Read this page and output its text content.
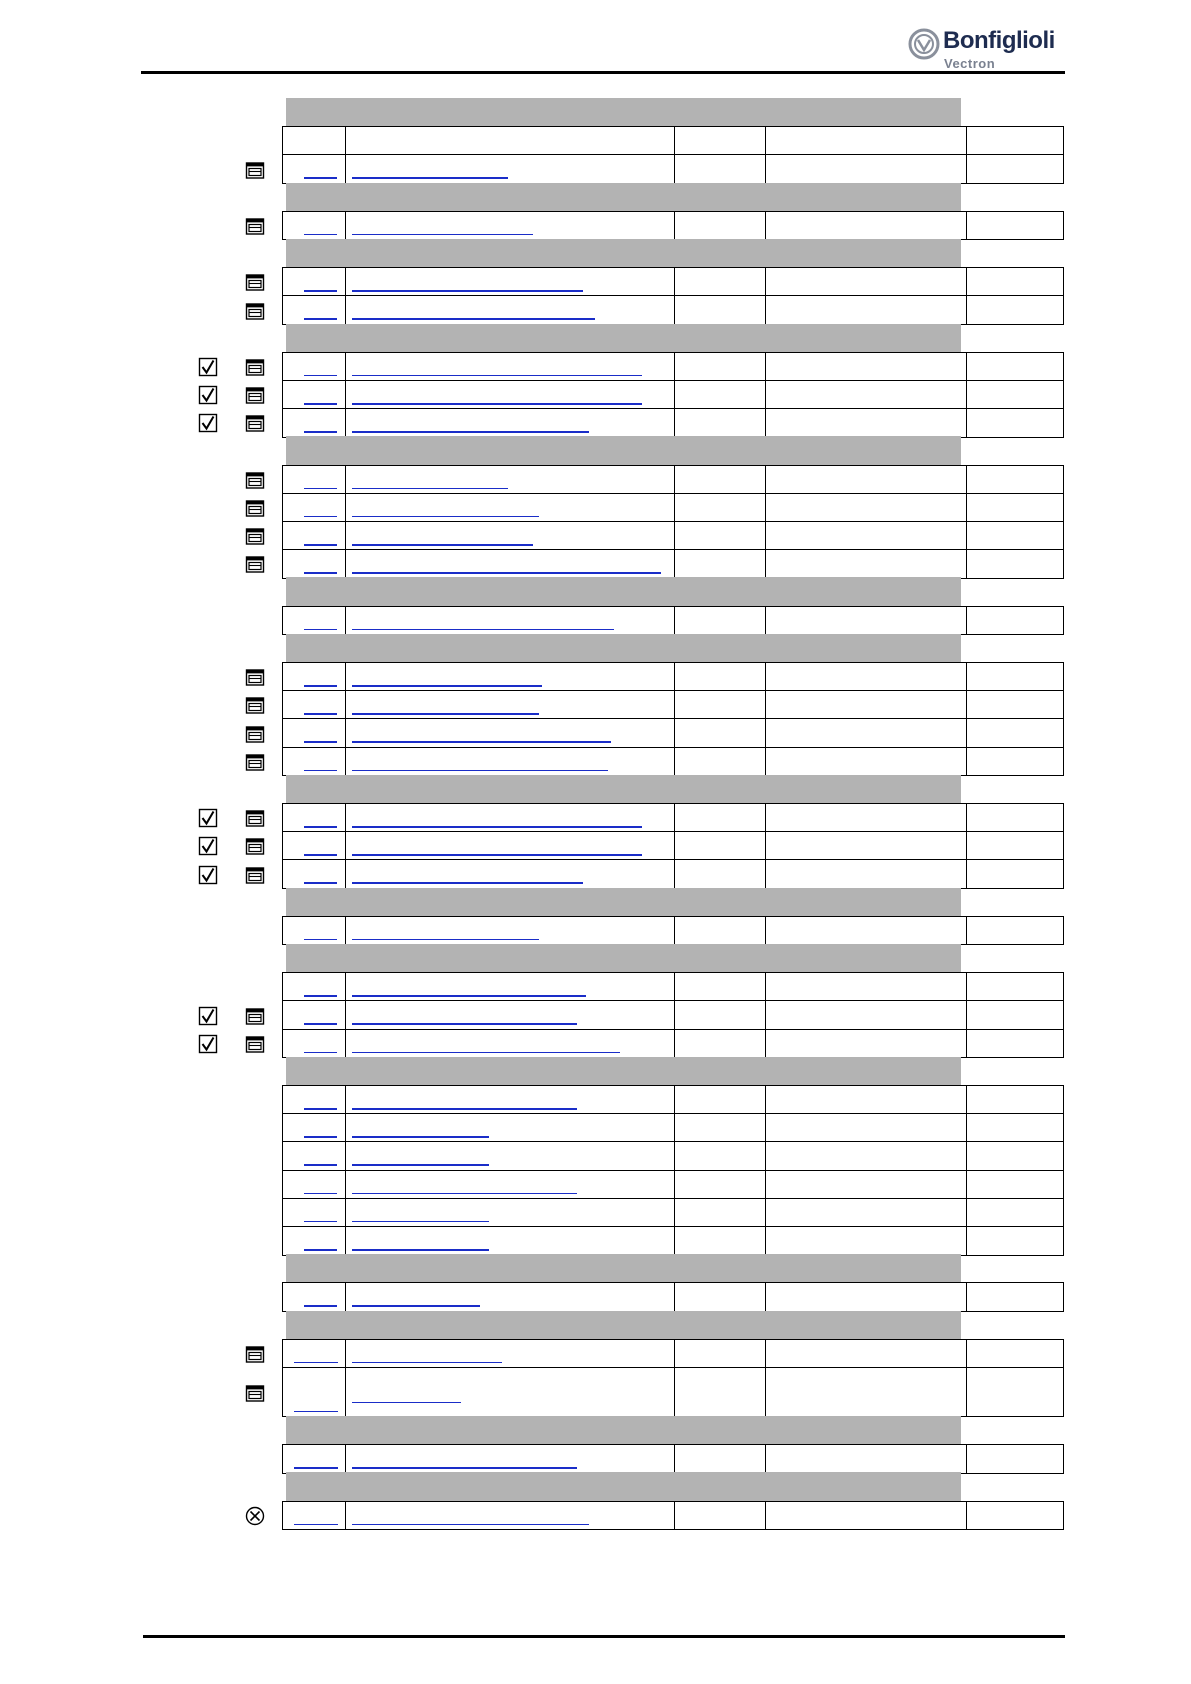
Bonfiglioli
Vectron
